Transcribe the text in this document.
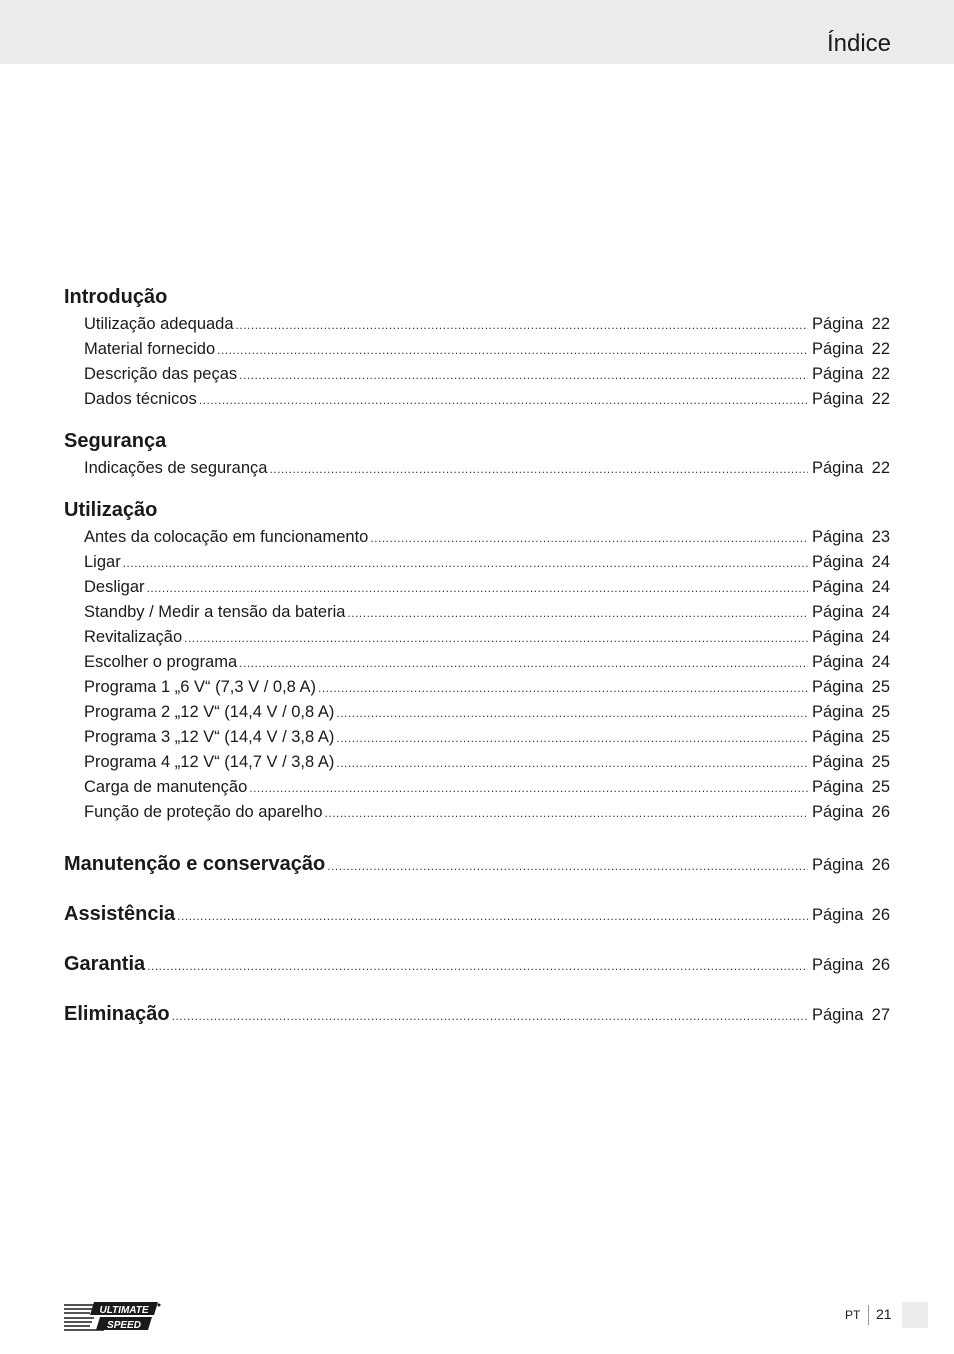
Índice
Introdução
Utilização adequada .....	Página 22
Material fornecido .....	Página 22
Descrição das peças .....	Página 22
Dados técnicos .....	Página 22
Segurança
Indicações de segurança .....	Página 22
Utilização
Antes da colocação em funcionamento .....	Página 23
Ligar .....	Página 24
Desligar .....	Página 24
Standby / Medir a tensão da bateria .....	Página 24
Revitalização .....	Página 24
Escolher o programa .....	Página 24
Programa 1 „6 V“ (7,3 V / 0,8 A) .....	Página 25
Programa 2 „12 V“ (14,4 V / 0,8 A) .....	Página 25
Programa 3 „12 V“ (14,4 V / 3,8 A) .....	Página 25
Programa 4 „12 V“ (14,7 V / 3,8 A) .....	Página 25
Carga de manutenção .....	Página 25
Função de proteção do aparelho .....	Página 26
Manutenção e conservação .....	Página 26
Assistência .....	Página 26
Garantia .....	Página 26
Eliminação .....	Página 27
ULTIMATE
SPEED
PT 21
